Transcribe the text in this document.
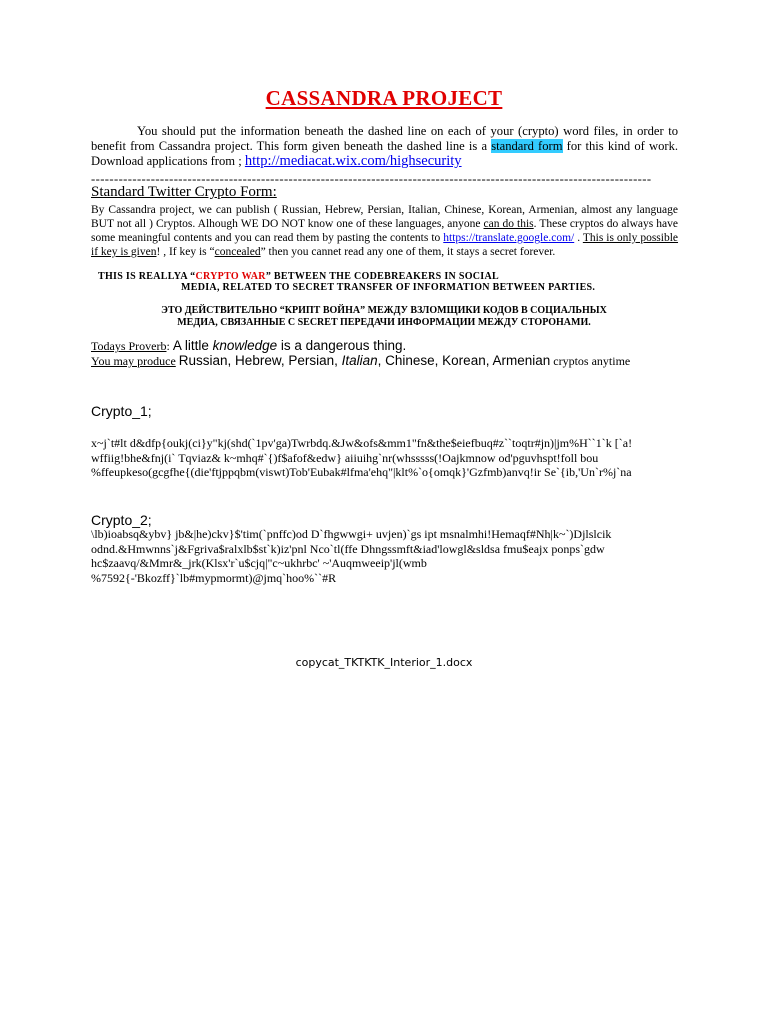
CASSANDRA PROJECT
You should put the information beneath the dashed line on each of your (crypto) word files, in order to benefit from Cassandra project. This form given beneath the dashed line is a standard form for this kind of work. Download applications from ; http://mediacat.wix.com/highsecurity
--------------------------------------------------------------------------------------------------------------------------
Standard Twitter Crypto Form:
By Cassandra project, we can publish ( Russian, Hebrew, Persian, Italian, Chinese, Korean, Armenian, almost any language BUT not all ) Cryptos. Alhough WE DO NOT know one of these languages, anyone can do this. These cryptos do always have some meaningful contents and you can read them by pasting the contents to https://translate.google.com/ . This is only possible if key is given! , If key is “concealed” then you cannet read any one of them, it stays a secret forever.
THIS IS REALLYA “CRYPTO WAR” BETWEEN THE CODEBREAKERS IN SOCIAL
MEDIA, RELATED TO SECRET TRANSFER OF INFORMATION BETWEEN PARTIES.
ЭТО ДЕЙСТВИТЕЛЬНО “КРИПТ ВОЙНА” МЕЖДУ ВЗЛОМЩИКИ КОДОВ В СОЦИАЛЬНЫХ
МЕДИА, СВЯЗАННЫЕ С SECRET ПЕРЕДАЧИ ИНФОРМАЦИИ МЕЖДУ СТОРОНАМИ.
Todays Proverb: A little knowledge is a dangerous thing.
You may produce Russian, Hebrew, Persian, Italian, Chinese, Korean, Armenian cryptos anytime
Crypto_1;
x~j`t#lt d&dfp{oukj(ci}y"kj(shd(`1pv'ga)Twrbdq.&Jw&ofs&mm1"fn&the$eiefbuq#z``toqtr#jn)|jm%H``1`k [`a!
wffiig!bhe&fnj(i` Tqviaz& k~mhq#`{)f$afof&edw} aiiuihg`nr(whsssss(!Oajkmnow od'pguvhspt!foll bou
%ffeupkeso(gcgfhe{(die'ftjppqbm(viswt)Tob'Eubak#lfma'ehq"|klt%`o{omqk}'Gzfmb)anvq!ir Se`{ib,'Un`r%j`na
Crypto_2;
\lb)ioabsq&ybv} jb&|he)ckv}$'tim(`pnffc)od D`fhgwwgi+ uvjen)`gs ipt msnalmhi!Hemaqf#Nh|k~`)Djlslcik
odnd.&Hmwnns`j&Fgriva$ralxlb$st`k)iz'pnl Nco`tl(ffe Dhngssmft&iad'lowgl&sldsa fmu$eajx ponps`gdw
hc$zaavq/&Mmr&_jrk(Klsx'r`u$cjq|"c~ukhrbc' ~'Auqmweeip'jl(wmb
%7592{-'Bkozff}`lb#mypmormt)@jmq`hoo%``#R
copycat_TKTKTK_Interior_1.docx
